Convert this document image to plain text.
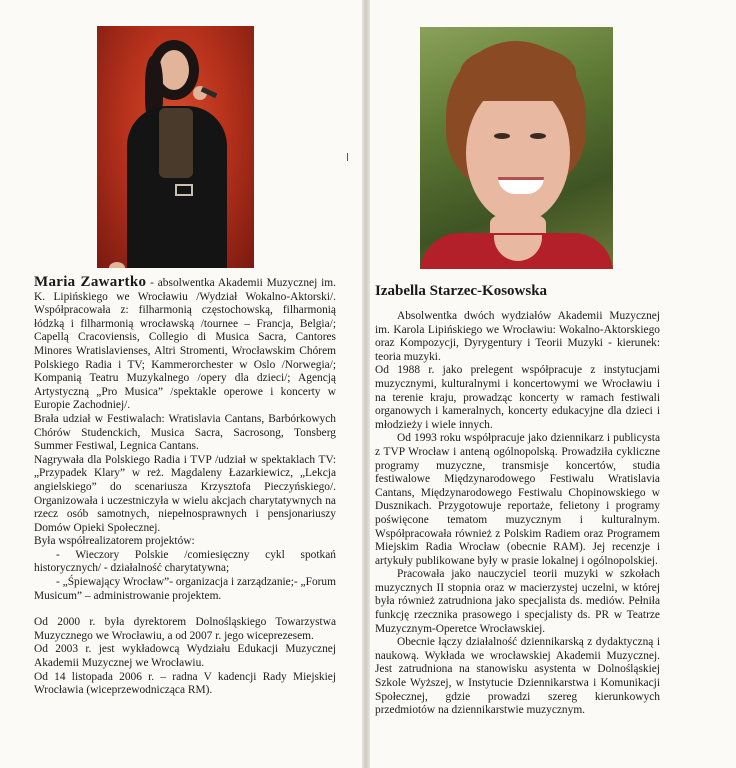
Maria Zawartko - absolwentka Akademii Muzycznej im. K. Lipińskiego we Wrocławiu /Wydział Wokalno-Aktorski/. Współpracowała z: filharmonią częstochowską, filharmonią łódzką i filharmonią wrocławską /tournee – Francja, Belgia/; Capellą Cracoviensis, Collegio di Musica Sacra, Cantores Minores Wratislavienses, Altri Stromenti, Wrocławskim Chórem Polskiego Radia i TV; Kammerorchester w Oslo /Norwegia/; Kompanią Teatru Muzykalnego /opery dla dzieci/; Agencją Artystyczną „Pro Musica” /spektakle operowe i koncerty w Europie Zachodniej/.

Brała udział w Festiwalach: Wratislavia Cantans, Barbórkowych Chórów Studenckich, Musica Sacra, Sacrosong, Tonsberg Summer Festiwal, Legnica Cantans.

Nagrywała dla Polskiego Radia i TVP /udział w spektaklach TV: „Przypadek Klary” w reż. Magdaleny Łazarkiewicz, „Lekcja angielskiego” do scenariusza Krzysztofa Pieczyńskiego/. Organizowała i uczestniczyła w wielu akcjach charytatywnych na rzecz osób samotnych, niepełnosprawnych i pensjonariuszy Domów Opieki Społecznej.

Była współrealizatorem projektów:

- Wieczory Polskie /comiesięczny cykl spotkań historycznych/ - działalność charytatywna;

- „Śpiewający Wrocław”- organizacja i zarządzanie;- „Forum Musicum” – administrowanie projektem.

Od 2000 r. była dyrektorem Dolnośląskiego Towarzystwa Muzycznego we Wrocławiu, a od 2007 r. jego wiceprezesem.

Od 2003 r. jest wykładowcą Wydziału Edukacji Muzycznej Akademii Muzycznej we Wrocławiu.

Od 14 listopada 2006 r. – radna V kadencji Rady Miejskiej Wrocławia (wiceprzewodnicząca RM).

Izabella Starzec-Kosowska

Absolwentka dwóch wydziałów Akademii Muzycznej im. Karola Lipińskiego we Wrocławiu: Wokalno-Aktorskiego oraz Kompozycji, Dyrygentury i Teorii Muzyki - kierunek: teoria muzyki.

Od 1988 r. jako prelegent współpracuje z instytucjami muzycznymi, kulturalnymi i koncertowymi we Wrocławiu i na terenie kraju, prowadząc koncerty w ramach festiwali organowych i kameralnych, koncerty edukacyjne dla dzieci i młodzieży i wiele innych.

Od 1993 roku współpracuje jako dziennikarz i publicysta z TVP Wrocław i anteną ogólnopolską. Prowadziła cykliczne programy muzyczne, transmisje koncertów, studia festiwalowe Międzynarodowego Festiwalu Wratislavia Cantans, Międzynarodowego Festiwalu Chopinowskiego w Dusznikach. Przygotowuje reportaże, felietony i programy poświęcone tematom muzycznym i kulturalnym. Współpracowała również z Polskim Radiem oraz Programem Miejskim Radia Wrocław (obecnie RAM). Jej recenzje i artykuły publikowane były w prasie lokalnej i ogólnopolskiej.

Pracowała jako nauczyciel teorii muzyki w szkołach muzycznych II stopnia oraz w macierzystej uczelni, w której była również zatrudniona jako specjalista ds. mediów. Pełniła funkcję rzecznika prasowego i specjalisty ds. PR w Teatrze Muzycznym-Operetce Wrocławskiej.

Obecnie łączy działalność dziennikarską z dydaktyczną i naukową. Wykłada we wrocławskiej Akademii Muzycznej. Jest zatrudniona na stanowisku asystenta w Dolnośląskiej Szkole Wyższej, w Instytucie Dziennikarstwa i Komunikacji Społecznej, gdzie prowadzi szereg kierunkowych przedmiotów na dziennikarstwie muzycznym.
